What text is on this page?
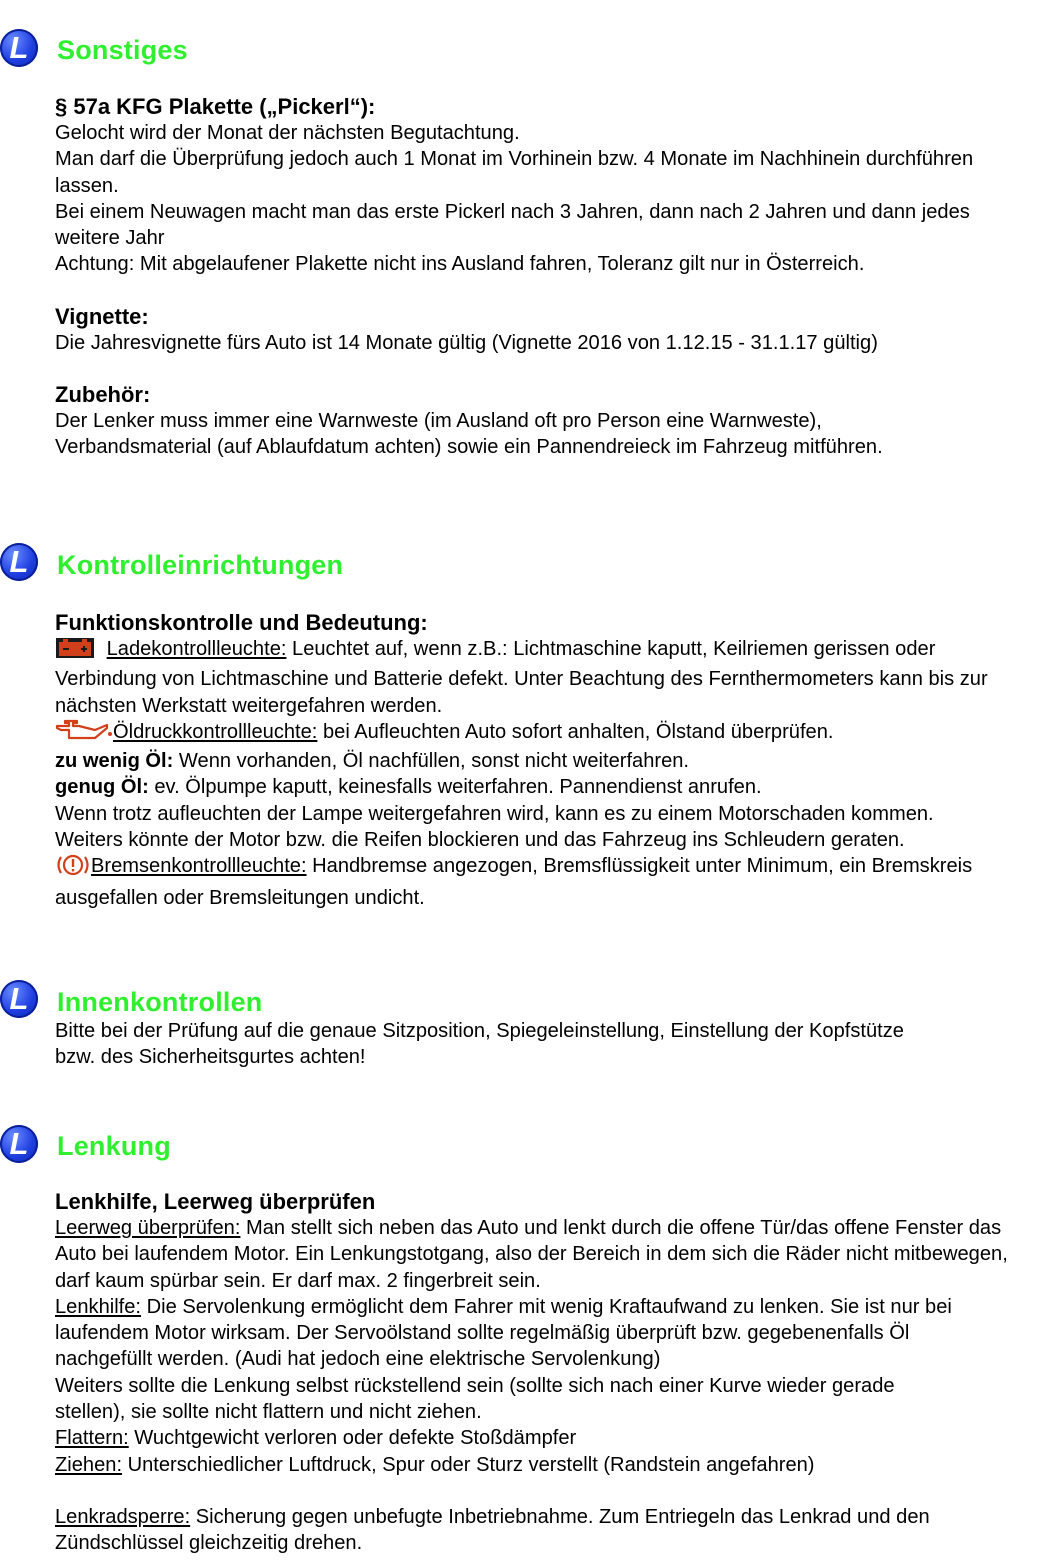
L	Sonstiges

§ 57a KFG Plakette („Pickerl“):

Gelocht wird der Monat der nächsten Begutachtung.
Man darf die Überprüfung jedoch auch 1 Monat im Vorhinein bzw. 4 Monate im Nachhinein durchführen lassen.
Bei einem Neuwagen macht man das erste Pickerl nach 3 Jahren, dann nach 2 Jahren und dann jedes weitere Jahr
Achtung: Mit abgelaufener Plakette nicht ins Ausland fahren, Toleranz gilt nur in Österreich.

Vignette:

Die Jahresvignette fürs Auto ist 14 Monate gültig (Vignette 2016 von 1.12.15 - 31.1.17 gültig)

Zubehör:

Der Lenker muss immer eine Warnweste (im Ausland oft pro Person eine Warnweste), Verbandsmaterial (auf Ablaufdatum achten) sowie ein Pannendreieck im Fahrzeug mitführen.
L	Kontrolleinrichtungen

Funktionskontrolle und Bedeutung:

Ladekontrollleuchte: Leuchtet auf, wenn z.B.: Lichtmaschine kaputt, Keilriemen gerissen oder Verbindung von Lichtmaschine und Batterie defekt. Unter Beachtung des Fernthermometers kann bis zur nächsten Werkstatt weitergefahren werden.
Öldruckkontrollleuchte: bei Aufleuchten Auto sofort anhalten, Ölstand überprüfen.
zu wenig Öl: Wenn vorhanden, Öl nachfüllen, sonst nicht weiterfahren.
genug Öl: ev. Ölpumpe kaputt, keinesfalls weiterfahren. Pannendienst anrufen.
Wenn trotz aufleuchten der Lampe weitergefahren wird, kann es zu einem Motorschaden kommen. Weiters könnte der Motor bzw. die Reifen blockieren und das Fahrzeug ins Schleudern geraten.
Bremsenkontrollleuchte: Handbremse angezogen, Bremsflüssigkeit unter Minimum, ein Bremskreis ausgefallen oder Bremsleitungen undicht.
L	Innenkontrollen
Bitte bei der Prüfung auf die genaue Sitzposition, Spiegeleinstellung, Einstellung der Kopfstütze bzw. des Sicherheitsgurtes achten!
L	Lenkung

Lenkhilfe, Leerweg überprüfen

Leerweg überprüfen: Man stellt sich neben das Auto und lenkt durch die offene Tür/das offene Fenster das Auto bei laufendem Motor. Ein Lenkungstotgang, also der Bereich in dem sich die Räder nicht mitbewegen, darf kaum spürbar sein. Er darf max. 2 fingerbreit sein.
Lenkhilfe: Die Servolenkung ermöglicht dem Fahrer mit wenig Kraftaufwand zu lenken. Sie ist nur bei laufendem Motor wirksam. Der Servoölstand sollte regelmäßig überprüft bzw. gegebenenfalls Öl nachgefüllt werden. (Audi hat jedoch eine elektrische Servolenkung)
Weiters sollte die Lenkung selbst rückstellend sein (sollte sich nach einer Kurve wieder gerade stellen), sie sollte nicht flattern und nicht ziehen.
Flattern: Wuchtgewicht verloren oder defekte Stoßdämpfer
Ziehen: Unterschiedlicher Luftdruck, Spur oder Sturz verstellt (Randstein angefahren)
Lenkradsperre: Sicherung gegen unbefugte Inbetriebnahme. Zum Entriegeln das Lenkrad und den Zündschlüssel gleichzeitig drehen.
